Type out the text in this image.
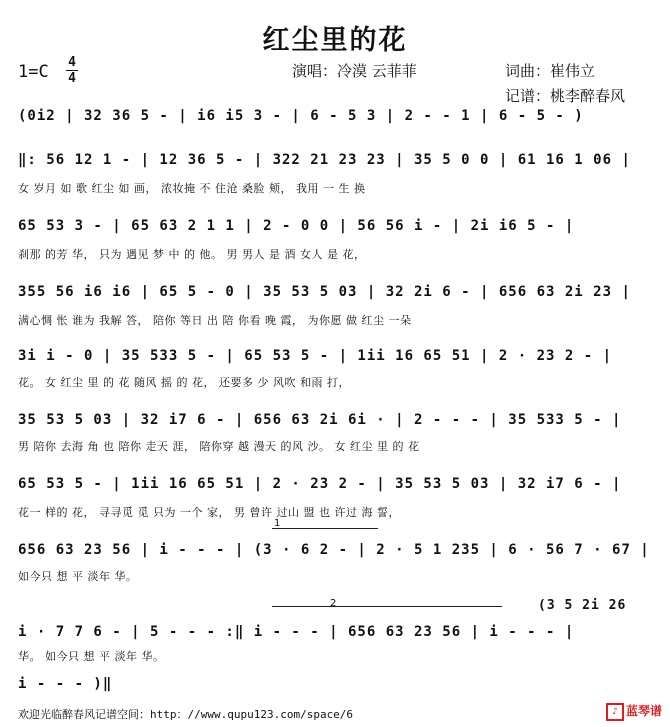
红尘里的花
1=C 4
4	演唱：冷漠 云菲菲	词曲：崔伟立
记谱：桃李醉春风
(0i2 | 32 36 5 - | i6 i5 3 - | 6 - 5 3 | 2 - - 1 | 6 - 5 - )
‖: 56 12 1 - | 12 36 5 - | 322 21 23 23 | 35 5 0 0 | 61 16 1 06 |
女 岁月 如 歌 红尘 如 画， 浓妆掩 不 住沧 桑脸 颊， 我用 一 生 换
65 53 3 - | 65 63 2 1 1 | 2 - 0 0 | 56 56 i - | 2i i6 5 - |
刹那 的芳 华， 只为 遇见 梦 中 的 他。 男 男人 是 酒 女人 是 花，
355 56 i6 i6 | 65 5 - 0 | 35 53 5 03 | 32 2i 6 - | 656 63 2i 23 |
满心惆 怅 谁为 我解 答， 陪你 等日 出 陪 你看 晚 霞， 为你愿 做 红尘 一朵
3i i - 0 | 35 533 5 - | 65 53 5 - | 1ii 16 65 51 | 2 · 23 2 - |
花。 女 红尘 里 的 花 随风 摇 的 花， 还要多 少 风吹 和雨 打，
35 53 5 03 | 32 i7 6 - | 656 63 2i 6i · | 2 - - - | 35 533 5 - |
男 陪你 去海 角 也 陪你 走天 涯， 陪你穿 越 漫天 的风 沙。 女 红尘 里 的 花
65 53 5 - | 1ii 16 65 51 | 2 · 23 2 - | 35 53 5 03 | 32 i7 6 - |
花一 样的 花， 寻寻觅 觅 只为 一个 家， 男 曾许 过山 盟 也 许过 海 誓，
1
656 63 23 56 | i - - - | (3 · 6 2 - | 2 · 5 1 235 | 6 · 56 7 · 67 |
如今只 想 平 淡年 华。
(3 5 2i 26
2
i · 7 7 6 - | 5 - - - :‖ i - - - | 656 63 23 56 | i - - - |
华。 如今只 想 平 淡年 华。
i - - - )‖
欢迎光临醉春风记谱空间：http：//www.qupu123.com/space/6	♪ 蓝琴谱
